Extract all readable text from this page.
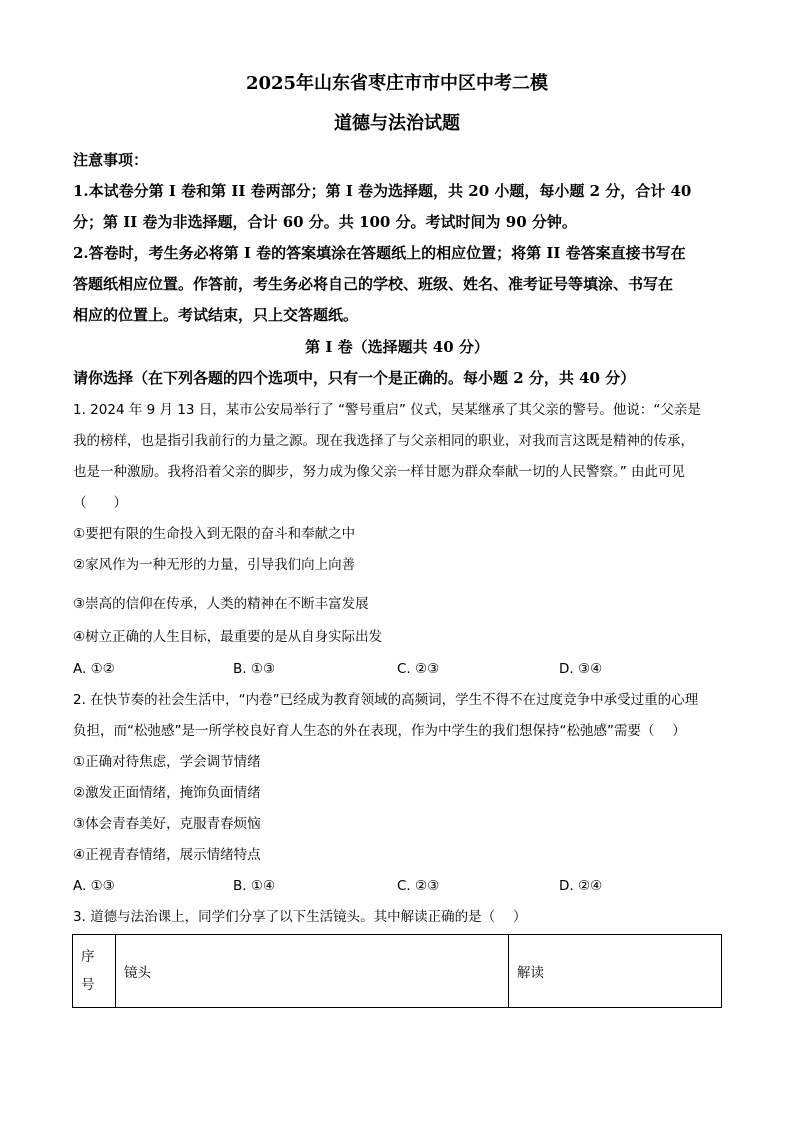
2025年山东省枣庄市市中区中考二模
道德与法治试题
注意事项：
1.本试卷分第 I 卷和第 II 卷两部分；第 I 卷为选择题，共 20 小题，每小题 2 分，合计 40
分；第 II 卷为非选择题，合计 60 分。共 100 分。考试时间为 90 分钟。
2.答卷时，考生务必将第 I 卷的答案填涂在答题纸上的相应位置；将第 II 卷答案直接书写在
答题纸相应位置。作答前，考生务必将自己的学校、班级、姓名、准考证号等填涂、书写在
相应的位置上。考试结束，只上交答题纸。
第 I 卷（选择题共 40 分）
请你选择（在下列各题的四个选项中，只有一个是正确的。每小题 2 分，共 40 分）
1. 2024 年 9 月 13 日，某市公安局举行了 “警号重启” 仪式，吴某继承了其父亲的警号。他说：“父亲是
我的榜样，也是指引我前行的力量之源。现在我选择了与父亲相同的职业，对我而言这既是精神的传承，
也是一种激励。我将沿着父亲的脚步，努力成为像父亲一样甘愿为群众奉献一切的人民警察。” 由此可见
（　　）
①要把有限的生命投入到无限的奋斗和奉献之中
②家风作为一种无形的力量，引导我们向上向善
③崇高的信仰在传承，人类的精神在不断丰富发展
④树立正确的人生目标，最重要的是从自身实际出发
A. ①②	B. ①③	C. ②③	D. ③④
2. 在快节奏的社会生活中，“内卷”已经成为教育领域的高频词，学生不得不在过度竞争中承受过重的心理
负担，而“松弛感”是一所学校良好育人生态的外在表现，作为中学生的我们想保持“松弛感”需要（　 ）
①正确对待焦虑，学会调节情绪
②激发正面情绪，掩饰负面情绪
③体会青春美好，克服青春烦恼
④正视青春情绪，展示情绪特点
A. ①③	B. ①④	C. ②③	D. ②④
3. 道德与法治课上，同学们分享了以下生活镜头。其中解读正确的是（　 ）
序
号
	镜头	解读
